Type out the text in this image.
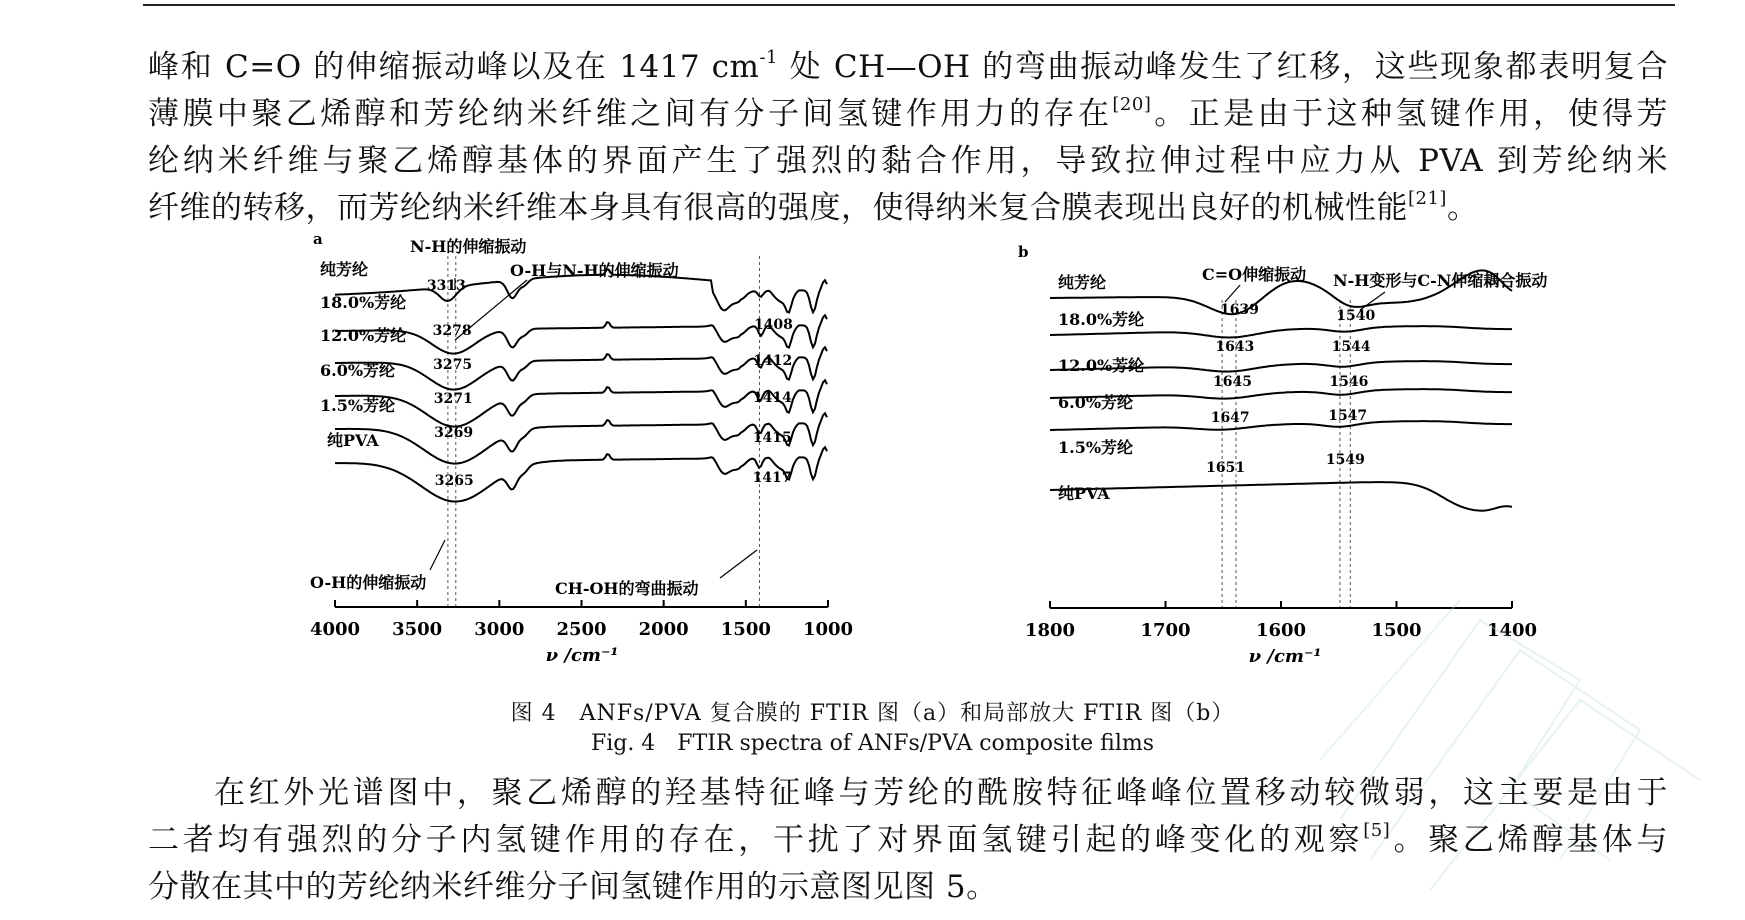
峰和 C=O 的伸缩振动峰以及在 1417 $cm^{-1}$ 处 CH—OH 的弯曲振动峰发生了红移，这些现象都表明复合
薄膜中聚乙烯醇和芳纶纳米纤维之间有分子间氢键作用力的存在[20]。正是由于这种氢键作用，使得芳
纶纳米纤维与聚乙烯醇基体的界面产生了强烈的黏合作用，导致拉伸过程中应力从 PVA 到芳纶纳米
纤维的转移，而芳纶纳米纤维本身具有很高的强度，使得纳米复合膜表现出良好的机械性能[21]。
a
纯芳纶
3313
18.0%芳纶
3278	1408
12.0%芳纶
3275	1412
6.0%芳纶
3271	1414
1.5%芳纶
3269	1415
纯PVA
3265	1417
N-H的伸缩振动
O-H与N-H的伸缩振动
O-H的伸缩振动	CH-OH的弯曲振动
4000 3500 3000 2500 2000 1500 1000
ν /cm⁻¹
b
纯芳纶
1639	1540
18.0%芳纶
1643	1544
12.0%芳纶
1645	1546
6.0%芳纶
1647	1547
1.5%芳纶
1651	1549
纯PVA
C=O伸缩振动 N-H变形与C-N伸缩耦合振动
1800	1700	1600	1500	1400
ν /cm⁻¹
图 4　ANFs/PVA 复合膜的 FTIR 图（a）和局部放大 FTIR 图（b）
Fig. 4　FTIR spectra of ANFs/PVA composite films
在红外光谱图中，聚乙烯醇的羟基特征峰与芳纶的酰胺特征峰峰位置移动较微弱，这主要是由于
二者均有强烈的分子内氢键作用的存在，干扰了对界面氢键引起的峰变化的观察[5]。聚乙烯醇基体与
分散在其中的芳纶纳米纤维分子间氢键作用的示意图见图 5。
